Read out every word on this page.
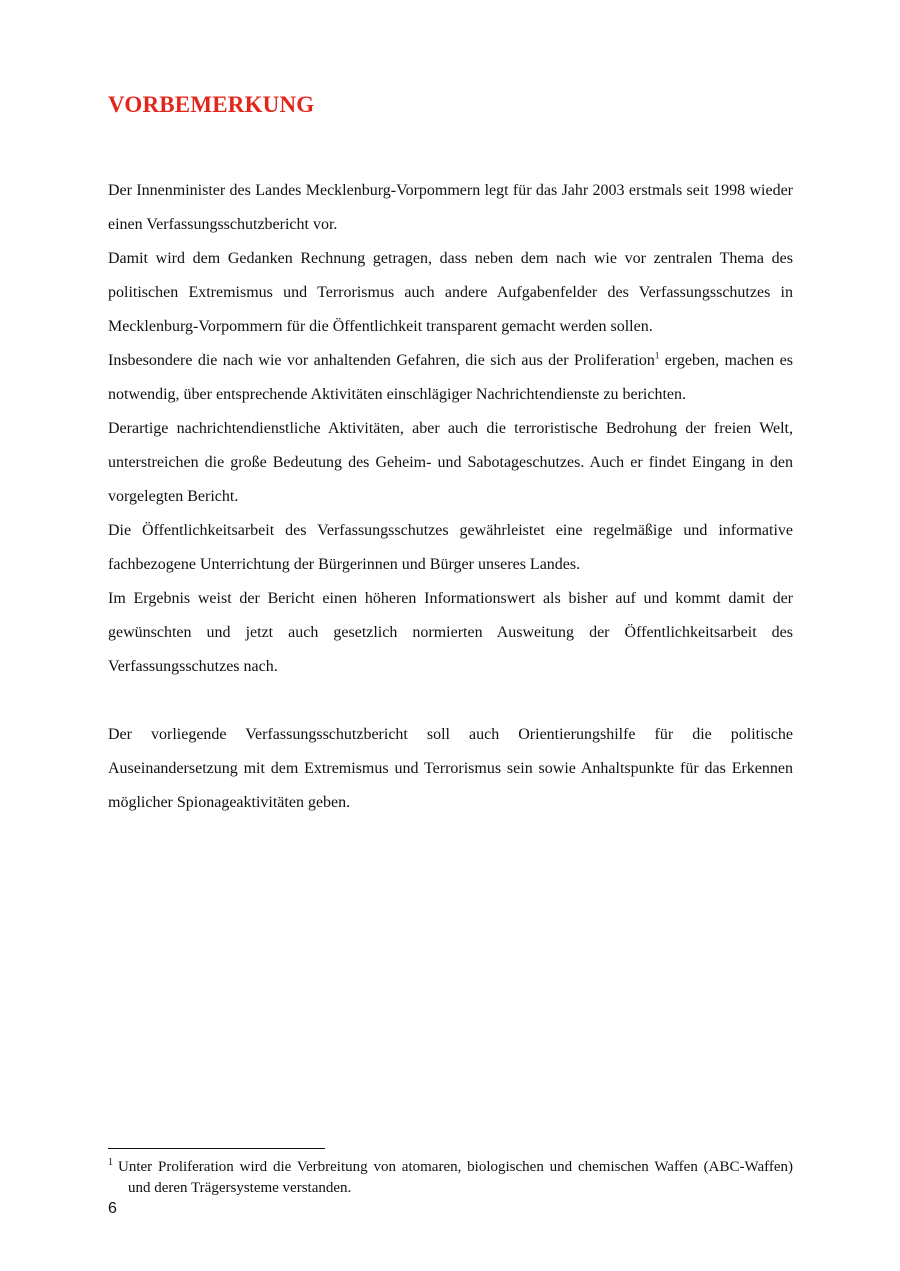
VORBEMERKUNG

Der Innenminister des Landes Mecklenburg-Vorpommern legt für das Jahr 2003 erstmals seit 1998 wieder einen Verfassungsschutzbericht vor.

Damit wird dem Gedanken Rechnung getragen, dass neben dem nach wie vor zentralen Thema des politischen Extremismus und Terrorismus auch andere Aufgabenfelder des Verfassungsschutzes in Mecklenburg-Vorpommern für die Öffentlichkeit transparent gemacht werden sollen.

Insbesondere die nach wie vor anhaltenden Gefahren, die sich aus der Proliferation$^1$ ergeben, machen es notwendig, über entsprechende Aktivitäten einschlägiger Nachrichtendienste zu berichten.

Derartige nachrichtendienstliche Aktivitäten, aber auch die terroristische Bedrohung der freien Welt, unterstreichen die große Bedeutung des Geheim- und Sabotageschutzes. Auch er findet Eingang in den vorgelegten Bericht.

Die Öffentlichkeitsarbeit des Verfassungsschutzes gewährleistet eine regelmäßige und informative fachbezogene Unterrichtung der Bürgerinnen und Bürger unseres Landes.

Im Ergebnis weist der Bericht einen höheren Informationswert als bisher auf und kommt damit der gewünschten und jetzt auch gesetzlich normierten Ausweitung der Öffentlichkeitsarbeit des Verfassungsschutzes nach.

Der vorliegende Verfassungsschutzbericht soll auch Orientierungshilfe für die politische Auseinandersetzung mit dem Extremismus und Terrorismus sein sowie Anhaltspunkte für das Erkennen möglicher Spionageaktivitäten geben.

$^1$ Unter Proliferation wird die Verbreitung von atomaren, biologischen und chemischen Waffen (ABC-Waffen) und deren Trägersysteme verstanden.
6
